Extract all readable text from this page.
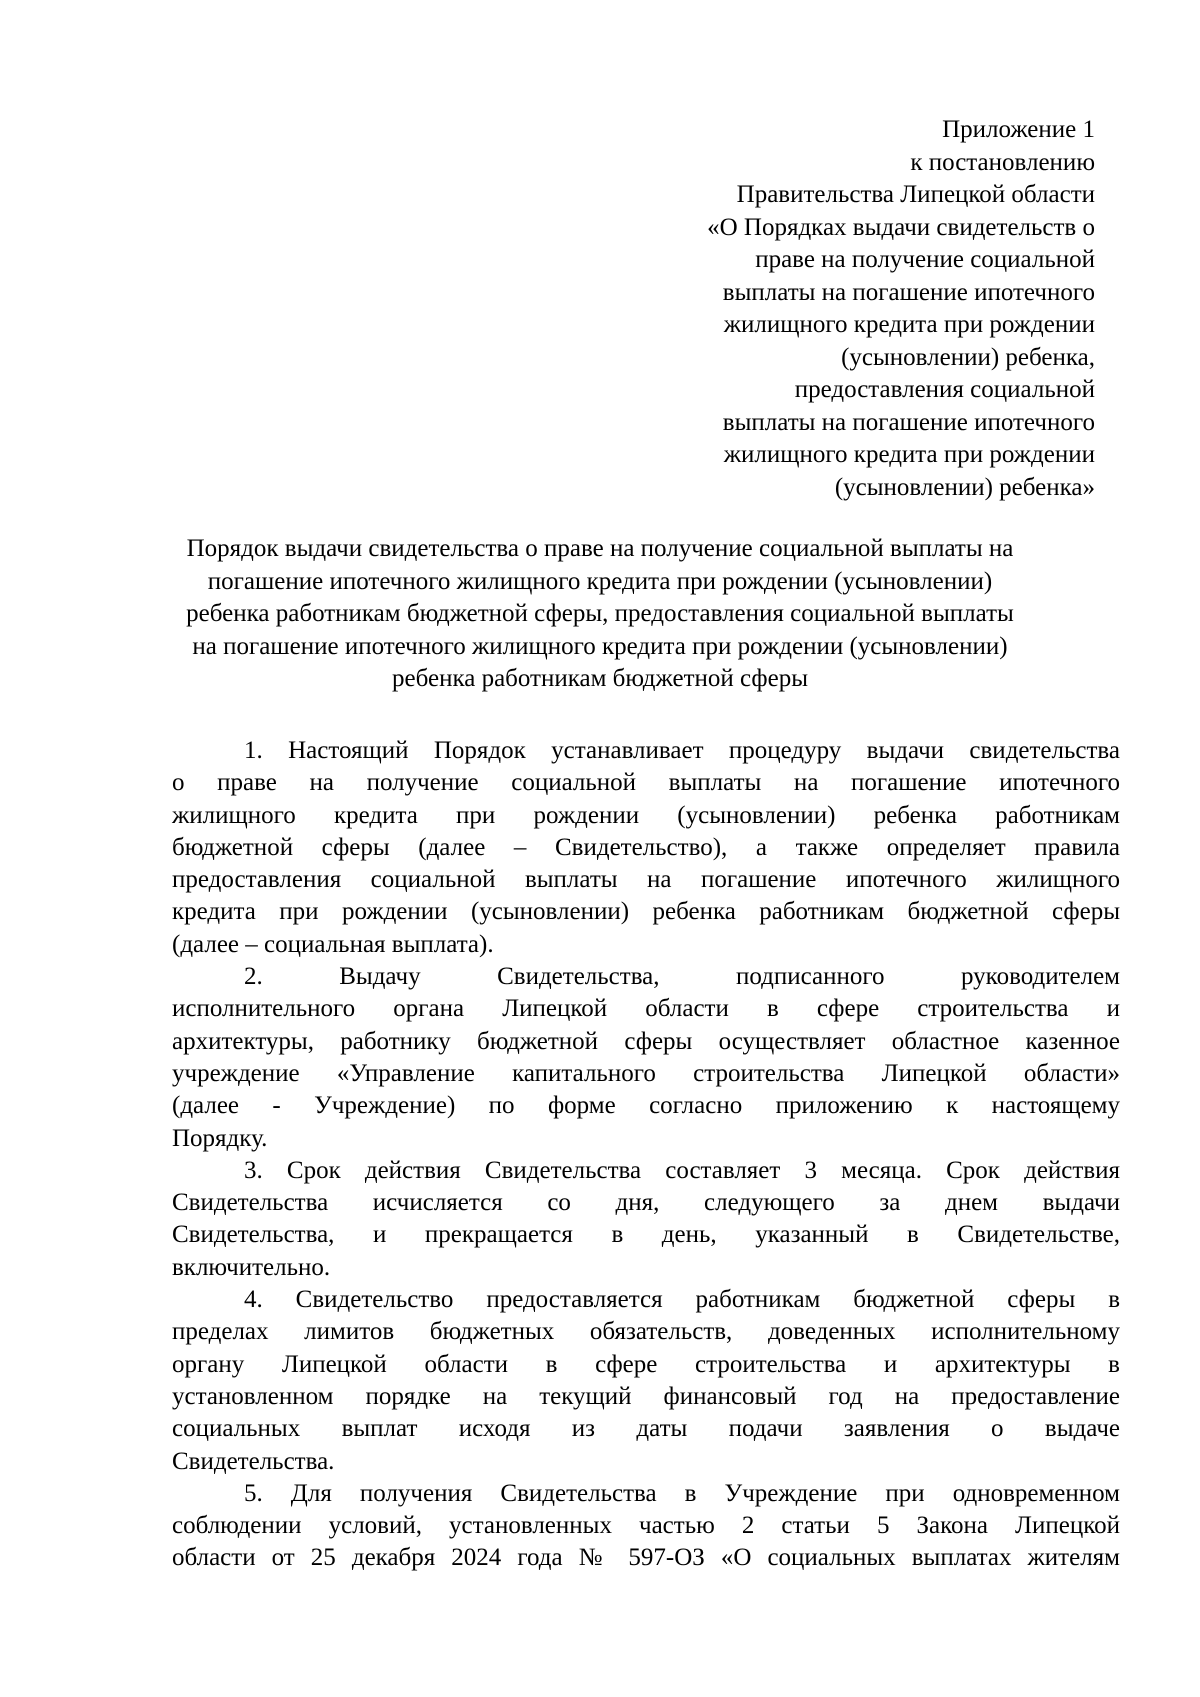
Приложение 1
к постановлению
Правительства Липецкой области
«О Порядках выдачи свидетельств о
праве на получение социальной
выплаты на погашение ипотечного
жилищного кредита при рождении
(усыновлении) ребенка,
предоставления социальной
выплаты на погашение ипотечного
жилищного кредита при рождении
(усыновлении) ребенка»
Порядок выдачи свидетельства о праве на получение социальной выплаты на
погашение ипотечного жилищного кредита при рождении (усыновлении)
ребенка работникам бюджетной сферы, предоставления социальной выплаты
на погашение ипотечного жилищного кредита при рождении (усыновлении)
ребенка работникам бюджетной сферы
1. Настоящий Порядок устанавливает процедуру выдачи свидетельства
о праве на получение социальной выплаты на погашение ипотечного
жилищного кредита при рождении (усыновлении) ребенка работникам
бюджетной сферы (далее – Свидетельство), а также определяет правила
предоставления социальной выплаты на погашение ипотечного жилищного
кредита при рождении (усыновлении) ребенка работникам бюджетной сферы
(далее – социальная выплата).
2. Выдачу Свидетельства, подписанного руководителем
исполнительного органа Липецкой области в сфере строительства и
архитектуры, работнику бюджетной сферы осуществляет областное казенное
учреждение «Управление капитального строительства Липецкой области»
(далее - Учреждение) по форме согласно приложению к настоящему
Порядку.
3. Срок действия Свидетельства составляет 3 месяца. Срок действия
Свидетельства исчисляется со дня, следующего за днем выдачи
Свидетельства, и прекращается в день, указанный в Свидетельстве,
включительно.
4. Свидетельство предоставляется работникам бюджетной сферы в
пределах лимитов бюджетных обязательств, доведенных исполнительному
органу Липецкой области в сфере строительства и архитектуры в
установленном порядке на текущий финансовый год на предоставление
социальных выплат исходя из даты подачи заявления о выдаче
Свидетельства.
5. Для получения Свидетельства в Учреждение при одновременном
соблюдении условий, установленных частью 2 статьи 5 Закона Липецкой
области от 25 декабря 2024 года № 597-ОЗ «О социальных выплатах жителям
